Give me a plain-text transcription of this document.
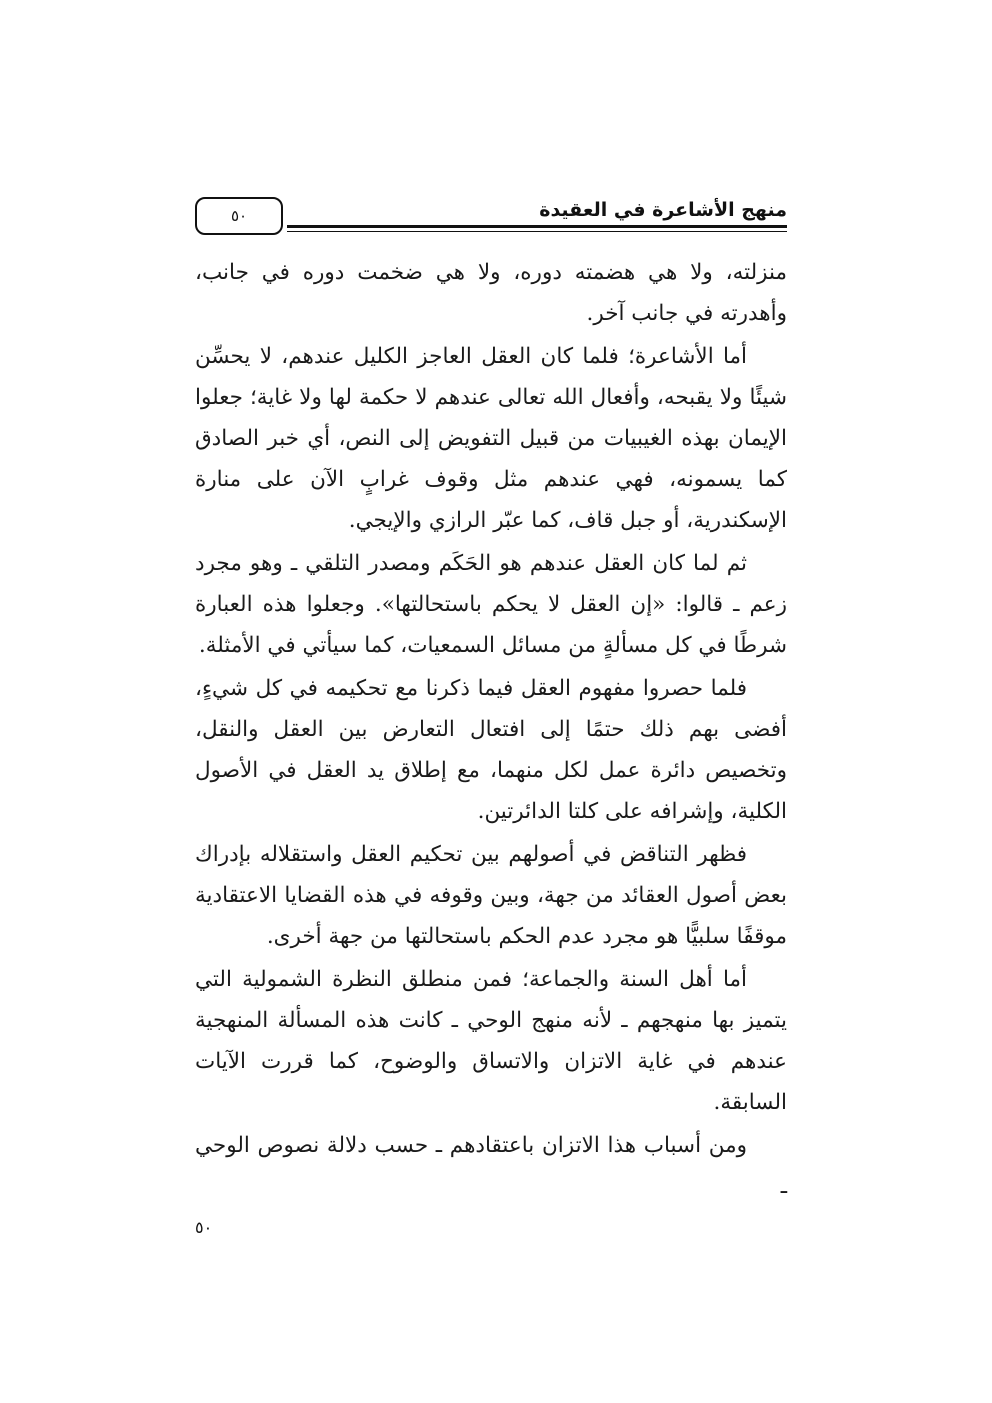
منهج الأشاعرة في العقيدة
٥٠

منزلته، ولا هي هضمته دوره، ولا هي ضخمت دوره في جانب، وأهدرته في جانب آخر.

أما الأشاعرة؛ فلما كان العقل العاجز الكليل عندهم، لا يحسِّن شيئًا ولا يقبحه، وأفعال الله تعالى عندهم لا حكمة لها ولا غاية؛ جعلوا الإيمان بهذه الغيبيات من قبيل التفويض إلى النص، أي خبر الصادق كما يسمونه، فهي عندهم مثل وقوف غرابٍ الآن على منارة الإسكندرية، أو جبل قاف، كما عبّر الرازي والإيجي.

ثم لما كان العقل عندهم هو الحَكَم ومصدر التلقي ـ وهو مجرد زعم ـ قالوا: «إن العقل لا يحكم باستحالتها». وجعلوا هذه العبارة شرطًا في كل مسألةٍ من مسائل السمعيات، كما سيأتي في الأمثلة.

فلما حصروا مفهوم العقل فيما ذكرنا مع تحكيمه في كل شيءٍ، أفضى بهم ذلك حتمًا إلى افتعال التعارض بين العقل والنقل، وتخصيص دائرة عمل لكل منهما، مع إطلاق يد العقل في الأصول الكلية، وإشرافه على كلتا الدائرتين.

فظهر التناقض في أصولهم بين تحكيم العقل واستقلاله بإدراك بعض أصول العقائد من جهة، وبين وقوفه في هذه القضايا الاعتقادية موقفًا سلبيًّا هو مجرد عدم الحكم باستحالتها من جهة أخرى.

أما أهل السنة والجماعة؛ فمن منطلق النظرة الشمولية التي يتميز بها منهجهم ـ لأنه منهج الوحي ـ كانت هذه المسألة المنهجية عندهم في غاية الاتزان والاتساق والوضوح، كما قررت الآيات السابقة.

ومن أسباب هذا الاتزان باعتقادهم ـ حسب دلالة نصوص الوحي ـ

٥٠
